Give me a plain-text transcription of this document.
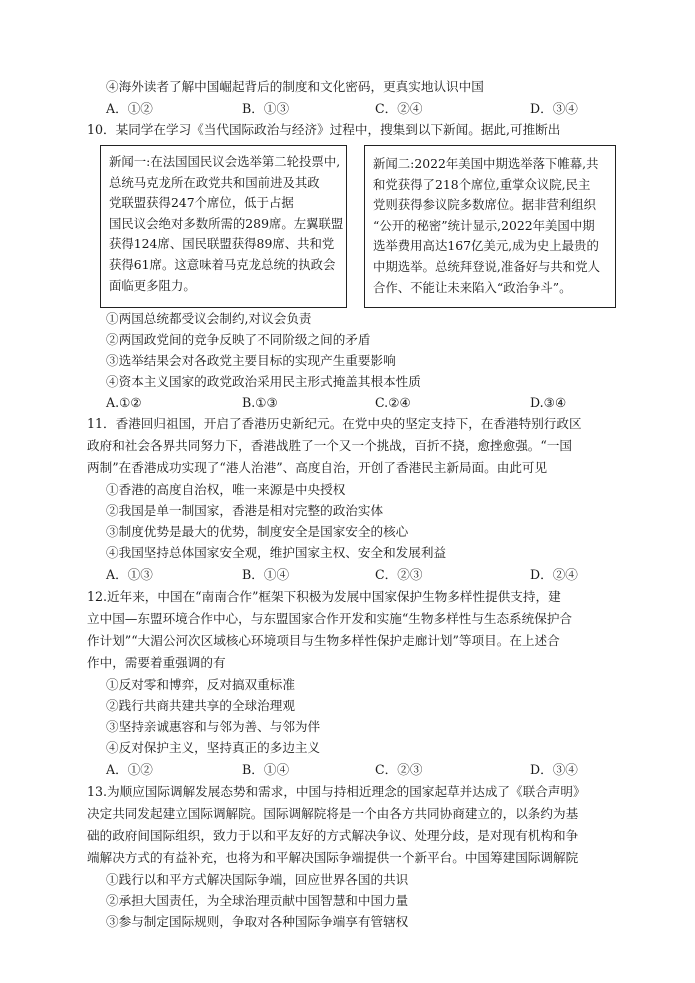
④海外读者了解中国崛起背后的制度和文化密码，更真实地认识中国
A．①②	B．①③	C．②④	D．③④
10．某同学在学习《当代国际政治与经济》过程中，搜集到以下新闻。据此,可推断出
新闻一:在法国国民议会选举第二轮投票中,
总统马克龙所在政党共和国前进及其政
党联盟获得247个席位，低于占据
国民议会绝对多数所需的289席。左翼联盟
获得124席、国民联盟获得89席、共和党
获得61席。这意味着马克龙总统的执政会
面临更多阻力。
新闻二:2022年美国中期选举落下帷幕,共
和党获得了218个席位,重掌众议院,民主
党则获得参议院多数席位。据非营利组织
“公开的秘密”统计显示,2022年美国中期
选举费用高达167亿美元,成为史上最贵的
中期选举。总统拜登说,准备好与共和党人
合作、不能让未来陷入“政治争斗”。
①两国总统都受议会制约,对议会负责
②两国政党间的竞争反映了不同阶级之间的矛盾
③选举结果会对各政党主要目标的实现产生重要影响
④资本主义国家的政党政治采用民主形式掩盖其根本性质
A.①②	B.①③	C.②④	D.③④
11．香港回归祖国，开启了香港历史新纪元。在党中央的坚定支持下，在香港特别行政区
政府和社会各界共同努力下，香港战胜了一个又一个挑战，百折不挠，愈挫愈强。“一国
两制”在香港成功实现了“港人治港”、高度自治，开创了香港民主新局面。由此可见
①香港的高度自治权，唯一来源是中央授权
②我国是单一制国家，香港是相对完整的政治实体
③制度优势是最大的优势，制度安全是国家安全的核心
④我国坚持总体国家安全观，维护国家主权、安全和发展利益
A．①③	B．①④	C．②③	D．②④
12.近年来，中国在“南南合作”框架下积极为发展中国家保护生物多样性提供支持，建
立中国—东盟环境合作中心，与东盟国家合作开发和实施“生物多样性与生态系统保护合
作计划”“大湄公河次区域核心环境项目与生物多样性保护走廊计划”等项目。在上述合
作中，需要着重强调的有
①反对零和博弈，反对搞双重标准
②践行共商共建共享的全球治理观
③坚持亲诚惠容和与邻为善、与邻为伴
④反对保护主义，坚持真正的多边主义
A．①②	B．①④	C．②③	D．③④
13.为顺应国际调解发展态势和需求，中国与持相近理念的国家起草并达成了《联合声明》
决定共同发起建立国际调解院。国际调解院将是一个由各方共同协商建立的，以条约为基
础的政府间国际组织，致力于以和平友好的方式解决争议、处理分歧，是对现有机构和争
端解决方式的有益补充，也将为和平解决国际争端提供一个新平台。中国筹建国际调解院
①践行以和平方式解决国际争端，回应世界各国的共识
②承担大国责任，为全球治理贡献中国智慧和中国力量
③参与制定国际规则，争取对各种国际争端享有管辖权
